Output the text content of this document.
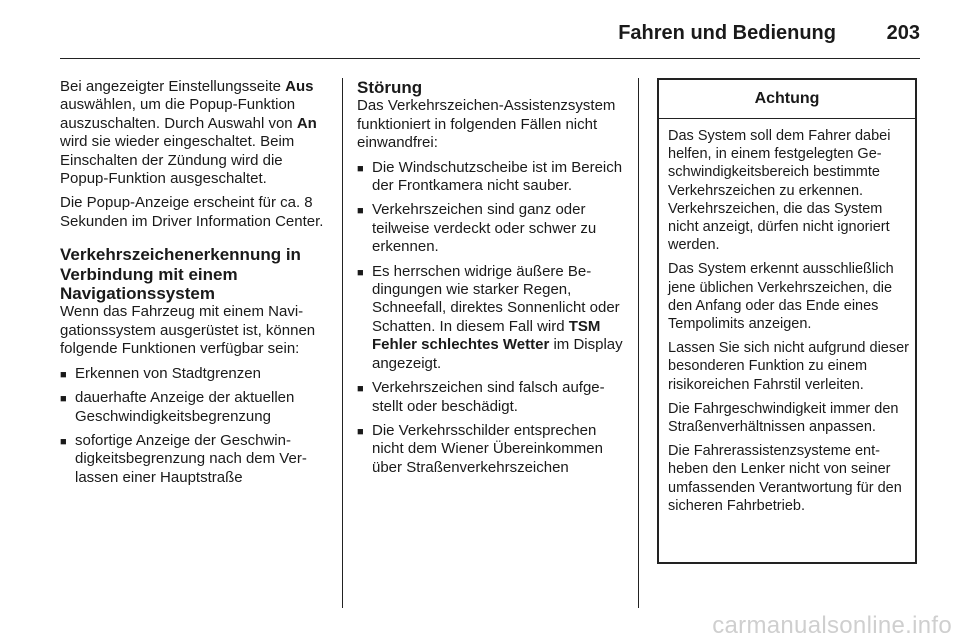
Fahren und Bedienung	203

Bei angezeigter Einstellungsseite Aus auswählen, um die Popup-Funktion auszuschalten. Durch Auswahl von An wird sie wieder eingeschaltet. Beim Einschalten der Zündung wird die Popup-Funktion ausgeschaltet.

Die Popup-Anzeige erscheint für ca. 8 Sekunden im Driver Information Center.

Verkehrszeichenerkennung in Verbindung mit einem Navigationssystem

Wenn das Fahrzeug mit einem Navigationssystem ausgerüstet ist, können folgende Funktionen verfügbar sein:

■ Erkennen von Stadtgrenzen
■ dauerhafte Anzeige der aktuellen Geschwindigkeitsbegrenzung
■ sofortige Anzeige der Geschwindigkeitsbegrenzung nach dem Verlassen einer Hauptstraße
Störung

Das Verkehrszeichen-Assistenzsystem funktioniert in folgenden Fällen nicht einwandfrei:

■ Die Windschutzscheibe ist im Bereich der Frontkamera nicht sauber.
■ Verkehrszeichen sind ganz oder teilweise verdeckt oder schwer zu erkennen.
■ Es herrschen widrige äußere Bedingungen wie starker Regen, Schneefall, direktes Sonnenlicht oder Schatten. In diesem Fall wird TSM Fehler schlechtes Wetter im Display angezeigt.
■ Verkehrszeichen sind falsch aufgestellt oder beschädigt.
■ Die Verkehrsschilder entsprechen nicht dem Wiener Übereinkommen über Straßenverkehrszeichen
Achtung

Das System soll dem Fahrer dabei helfen, in einem festgelegten Geschwindigkeitsbereich bestimmte Verkehrszeichen zu erkennen. Verkehrszeichen, die das System nicht anzeigt, dürfen nicht ignoriert werden.

Das System erkennt ausschließlich jene üblichen Verkehrszeichen, die den Anfang oder das Ende eines Tempolimits anzeigen.

Lassen Sie sich nicht aufgrund dieser besonderen Funktion zu einem risikoreichen Fahrstil verleiten.

Die Fahrgeschwindigkeit immer den Straßenverhältnissen anpassen.

Die Fahrerassistenzsysteme entheben den Lenker nicht von seiner umfassenden Verantwortung für den sicheren Fahrbetrieb.

carmanualsonline.info
